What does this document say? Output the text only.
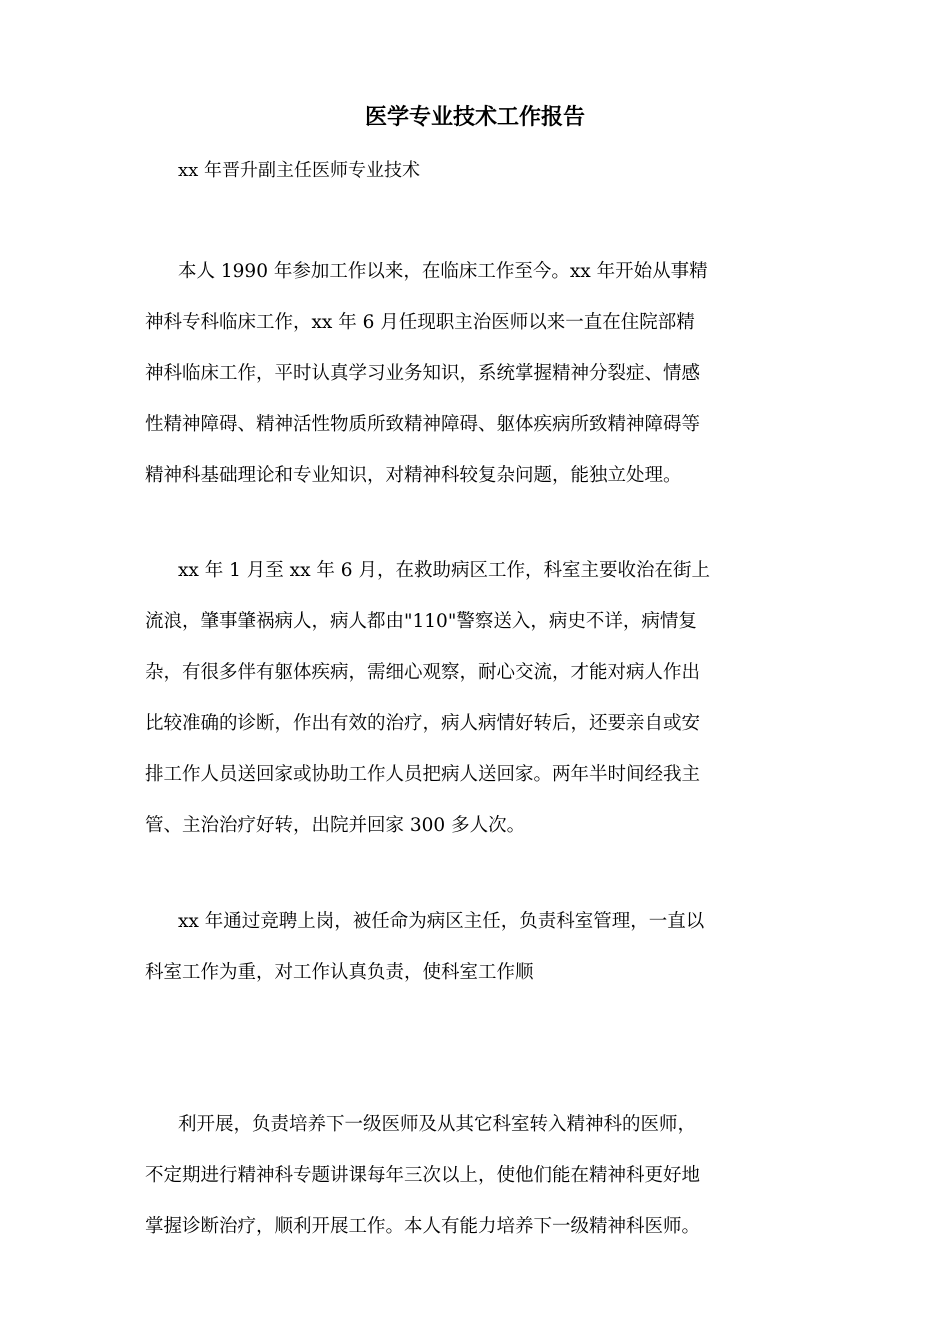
医学专业技术工作报告
xx 年晋升副主任医师专业技术
本人 1990 年参加工作以来，在临床工作至今。xx 年开始从事精
神科专科临床工作，xx 年 6 月任现职主治医师以来一直在住院部精
神科临床工作，平时认真学习业务知识，系统掌握精神分裂症、情感
性精神障碍、精神活性物质所致精神障碍、躯体疾病所致精神障碍等
精神科基础理论和专业知识，对精神科较复杂问题，能独立处理。
xx 年 1 月至 xx 年 6 月，在救助病区工作，科室主要收治在街上
流浪，肇事肇祸病人，病人都由"110"警察送入，病史不详，病情复
杂，有很多伴有躯体疾病，需细心观察，耐心交流，才能对病人作出
比较准确的诊断，作出有效的治疗，病人病情好转后，还要亲自或安
排工作人员送回家或协助工作人员把病人送回家。两年半时间经我主
管、主治治疗好转，出院并回家 300 多人次。
xx 年通过竞聘上岗，被任命为病区主任，负责科室管理，一直以
科室工作为重，对工作认真负责，使科室工作顺
利开展，负责培养下一级医师及从其它科室转入精神科的医师，
不定期进行精神科专题讲课每年三次以上，使他们能在精神科更好地
掌握诊断治疗，顺利开展工作。本人有能力培养下一级精神科医师。
